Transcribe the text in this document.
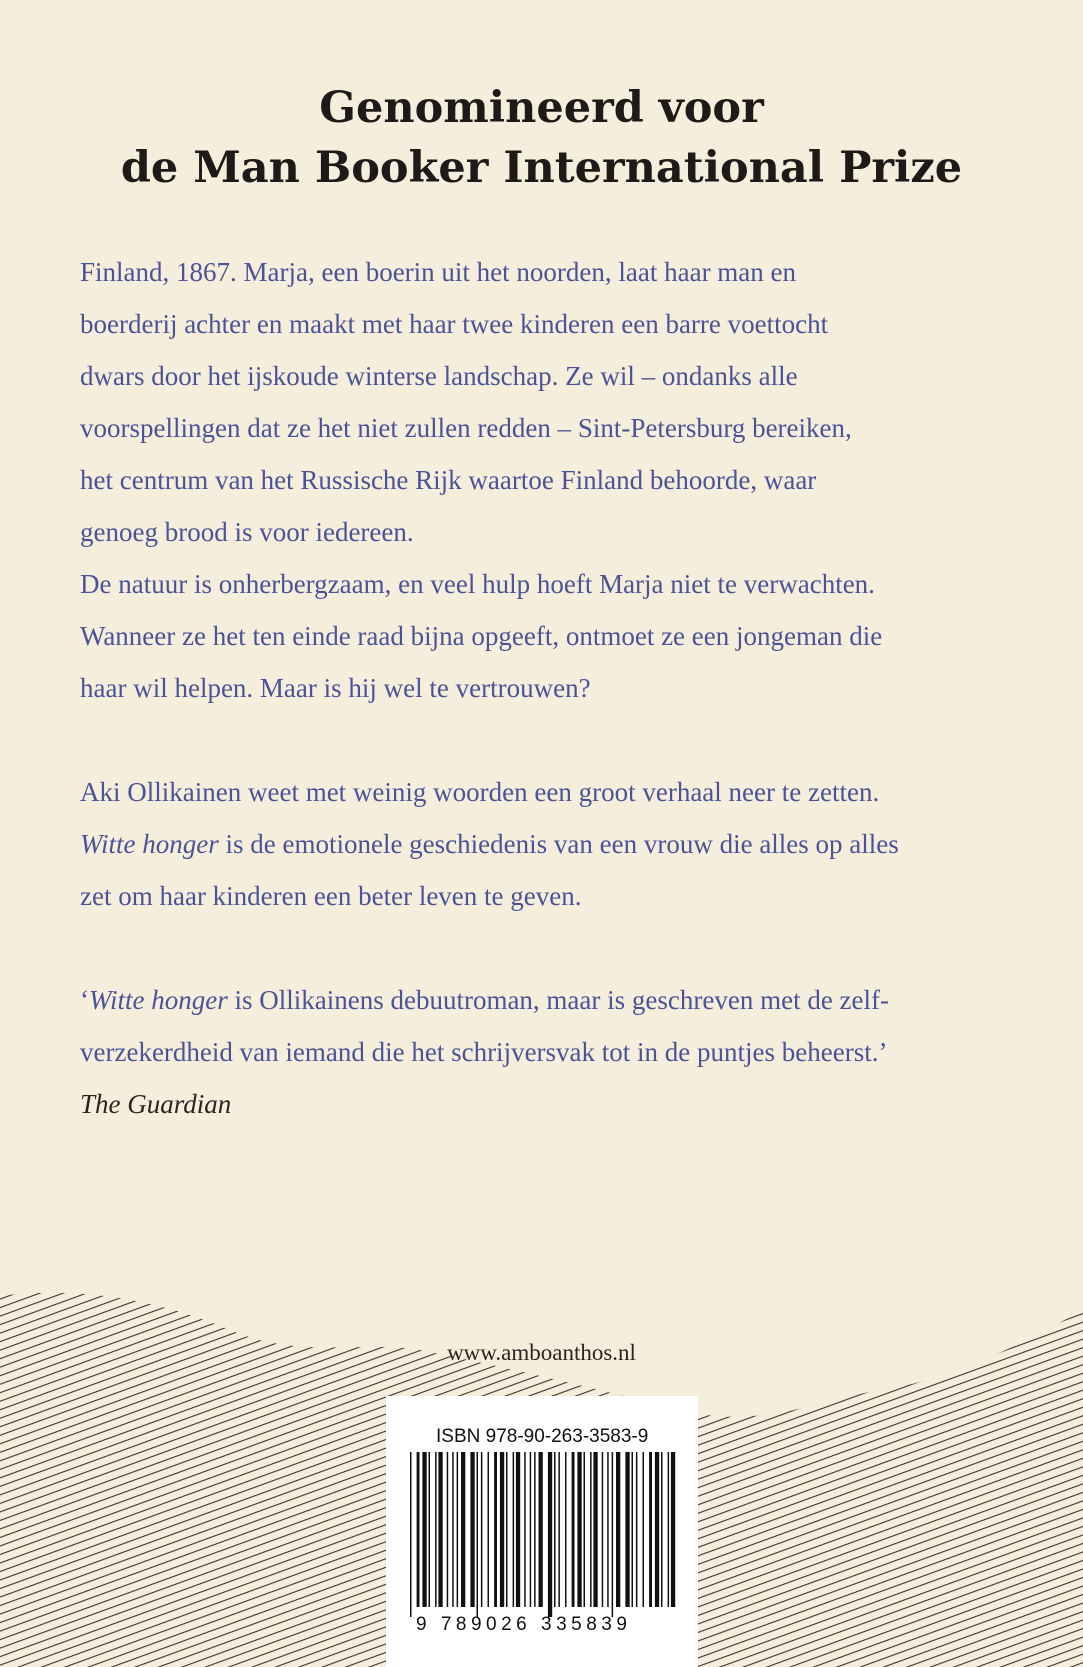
Genomineerd voor
de Man Booker International Prize
Finland, 1867. Marja, een boerin uit het noorden, laat haar man en
boerderij achter en maakt met haar twee kinderen een barre voettocht
dwars door het ijskoude winterse landschap. Ze wil – ondanks alle
voorspellingen dat ze het niet zullen redden – Sint-Petersburg bereiken,
het centrum van het Russische Rijk waartoe Finland behoorde, waar
genoeg brood is voor iedereen.
De natuur is onherbergzaam, en veel hulp hoeft Marja niet te verwachten.
Wanneer ze het ten einde raad bijna opgeeft, ontmoet ze een jongeman die
haar wil helpen. Maar is hij wel te vertrouwen?
Aki Ollikainen weet met weinig woorden een groot verhaal neer te zetten.
Witte honger is de emotionele geschiedenis van een vrouw die alles op alles
zet om haar kinderen een beter leven te geven.
‘Witte honger is Ollikainens debuutroman, maar is geschreven met de zelf-
verzekerdheid van iemand die het schrijversvak tot in de puntjes beheerst.’
The Guardian
www.amboanthos.nl
ISBN 978-90-263-3583-9
9 789026 335839
